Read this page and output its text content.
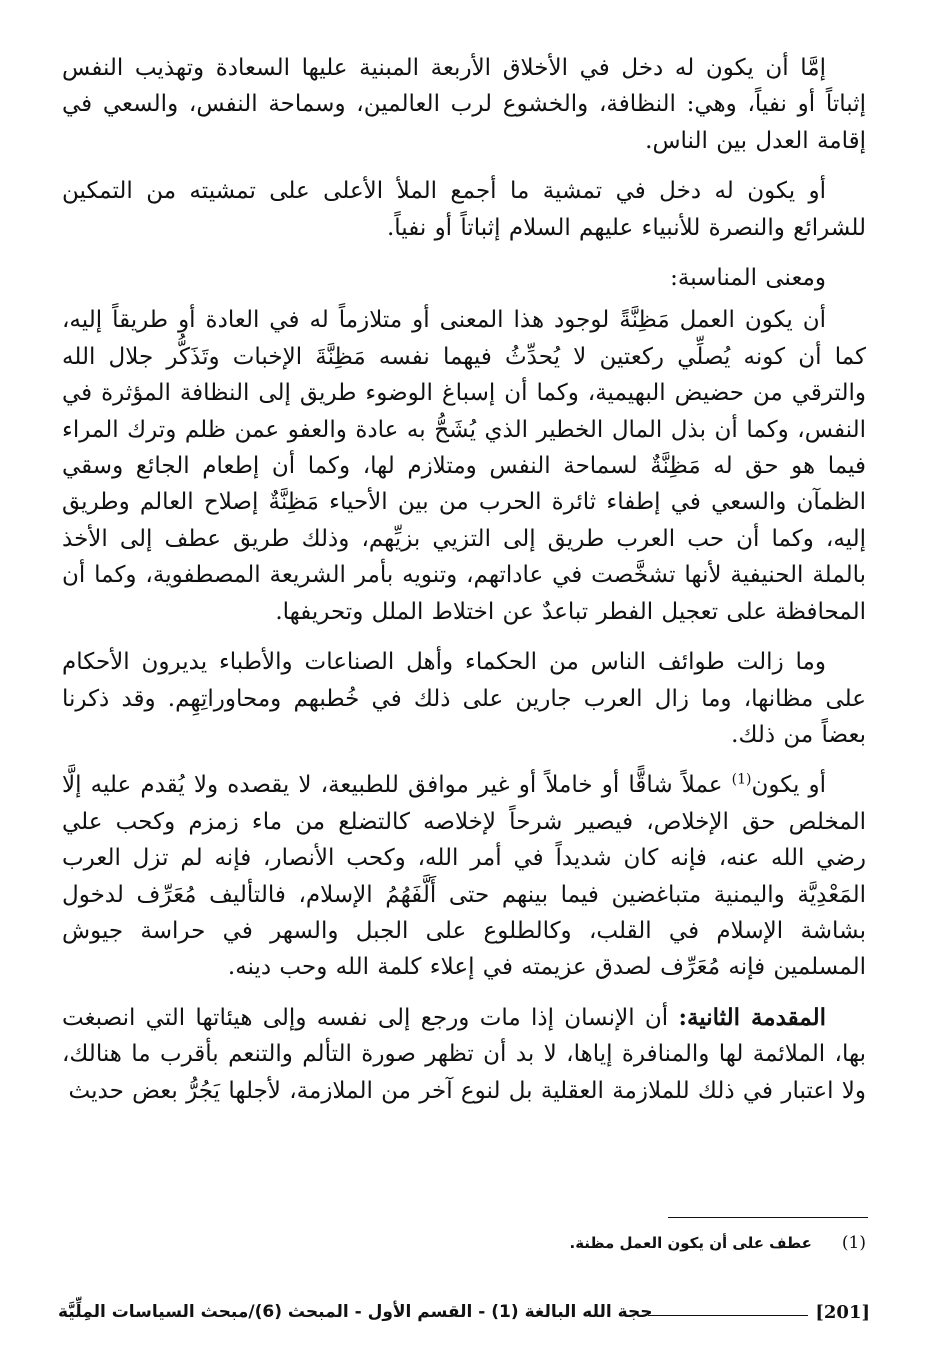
إمَّا أن يكون له دخل في الأخلاق الأربعة المبنية عليها السعادة وتهذيب النفس إثباتاً أو نفياً، وهي: النظافة، والخشوع لرب العالمين، وسماحة النفس، والسعي في إقامة العدل بين الناس.

أو يكون له دخل في تمشية ما أجمع الملأ الأعلى على تمشيته من التمكين للشرائع والنصرة للأنبياء عليهم السلام إثباتاً أو نفياً.

ومعنى المناسبة:

أن يكون العمل مَظِنَّةً لوجود هذا المعنى أو متلازماً له في العادة أو طريقاً إليه، كما أن كونه يُصلِّي ركعتين لا يُحدِّثُ فيهما نفسه مَظِنَّةَ الإخبات وتَذَكُّر جلال الله والترقي من حضيض البهيمية، وكما أن إسباغ الوضوء طريق إلى النظافة المؤثرة في النفس، وكما أن بذل المال الخطير الذي يُشَحُّ به عادة والعفو عمن ظلم وترك المراء فيما هو حق له مَظِنَّةٌ لسماحة النفس ومتلازم لها، وكما أن إطعام الجائع وسقي الظمآن والسعي في إطفاء ثائرة الحرب من بين الأحياء مَظِنَّةٌ إصلاح العالم وطريق إليه، وكما أن حب العرب طريق إلى التزيي بزيِّهم، وذلك طريق عطف إلى الأخذ بالملة الحنيفية لأنها تشخَّصت في عاداتهم، وتنويه بأمر الشريعة المصطفوية، وكما أن المحافظة على تعجيل الفطر تباعدٌ عن اختلاط الملل وتحريفها.

وما زالت طوائف الناس من الحكماء وأهل الصناعات والأطباء يديرون الأحكام على مظانها، وما زال العرب جارين على ذلك في خُطبهم ومحاوراتِهِم. وقد ذكرنا بعضاً من ذلك.

أو يكون$^{(1)}$ عملاً شاقًّا أو خاملاً أو غير موافق للطبيعة، لا يقصده ولا يُقدم عليه إلَّا المخلص حق الإخلاص، فيصير شرحاً لإخلاصه كالتضلع من ماء زمزم وكحب علي رضي الله عنه، فإنه كان شديداً في أمر الله، وكحب الأنصار، فإنه لم تزل العرب المَعْدِيَّة واليمنية متباغضين فيما بينهم حتى أَلَّفَهُمُ الإسلام، فالتأليف مُعَرِّف لدخول بشاشة الإسلام في القلب، وكالطلوع على الجبل والسهر في حراسة جيوش المسلمين فإنه مُعَرِّف لصدق عزيمته في إعلاء كلمة الله وحب دينه.

المقدمة الثانية: أن الإنسان إذا مات ورجع إلى نفسه وإلى هيئاتها التي انصبغت بها، الملائمة لها والمنافرة إياها، لا بد أن تظهر صورة التألم والتنعم بأقرب ما هنالك، ولا اعتبار في ذلك للملازمة العقلية بل لنوع آخر من الملازمة، لأجلها يَجُرُّ بعض حديث

(1)عطف على أن يكون العمل مظنة.
حجة الله البالغة (1) - القسم الأول - المبحث (6)/مبحث السياسات المِلِّيَّة	[201]
